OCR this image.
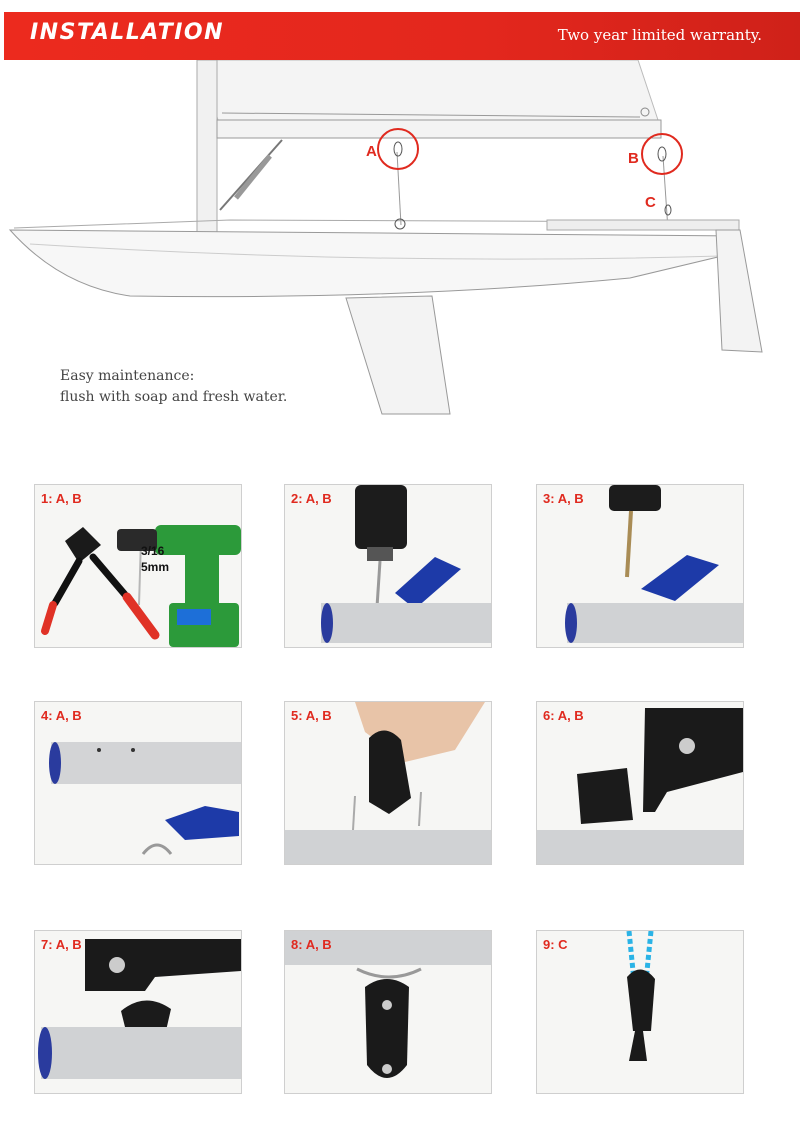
INSTALLATION	Two year limited warranty.
A	B
C
Easy maintenance:
flush with soap and fresh water.
1: A, B
3/16
5mm
2: A, B	3: A, B
4: A, B	5: A, B	6: A, B
7: A, B	8: A, B	9: C
